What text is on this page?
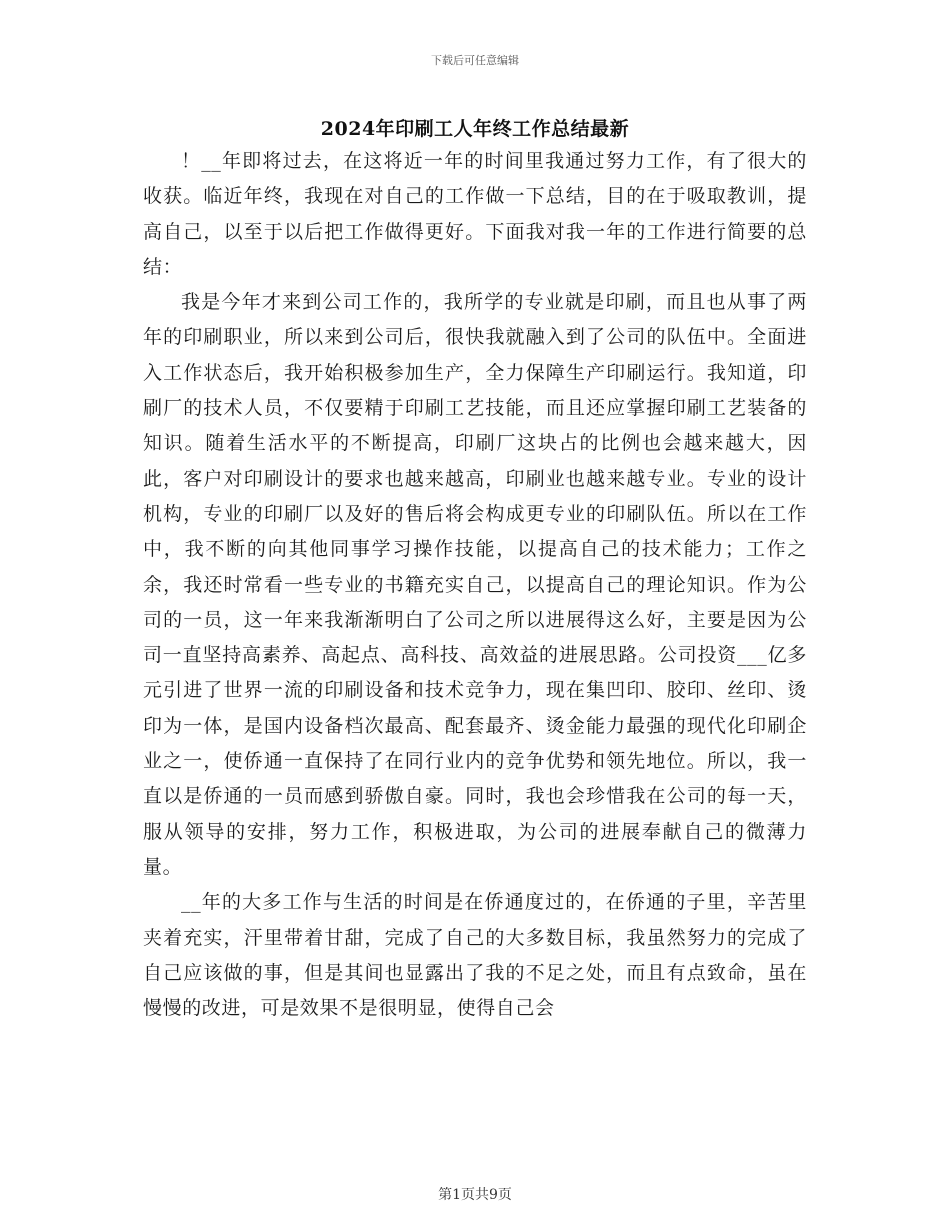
下载后可任意编辑
2024年印刷工人年终工作总结最新

！__年即将过去，在这将近一年的时间里我通过努力工作，有了很大的收获。临近年终，我现在对自己的工作做一下总结，目的在于吸取教训，提高自己，以至于以后把工作做得更好。下面我对我一年的工作进行简要的总结：

我是今年才来到公司工作的，我所学的专业就是印刷，而且也从事了两年的印刷职业，所以来到公司后，很快我就融入到了公司的队伍中。全面进入工作状态后，我开始积极参加生产，全力保障生产印刷运行。我知道，印刷厂的技术人员，不仅要精于印刷工艺技能，而且还应掌握印刷工艺装备的知识。随着生活水平的不断提高，印刷厂这块占的比例也会越来越大，因此，客户对印刷设计的要求也越来越高，印刷业也越来越专业。专业的设计机构，专业的印刷厂以及好的售后将会构成更专业的印刷队伍。所以在工作中，我不断的向其他同事学习操作技能，以提高自己的技术能力；工作之余，我还时常看一些专业的书籍充实自己，以提高自己的理论知识。作为公司的一员，这一年来我渐渐明白了公司之所以进展得这么好，主要是因为公司一直坚持高素养、高起点、高科技、高效益的进展思路。公司投资___亿多元引进了世界一流的印刷设备和技术竞争力，现在集凹印、胶印、丝印、烫印为一体，是国内设备档次最高、配套最齐、烫金能力最强的现代化印刷企业之一，使侨通一直保持了在同行业内的竞争优势和领先地位。所以，我一直以是侨通的一员而感到骄傲自豪。同时，我也会珍惜我在公司的每一天，服从领导的安排，努力工作，积极进取，为公司的进展奉献自己的微薄力量。

__年的大多工作与生活的时间是在侨通度过的，在侨通的子里，辛苦里夹着充实，汗里带着甘甜，完成了自己的大多数目标，我虽然努力的完成了自己应该做的事，但是其间也显露出了我的不足之处，而且有点致命，虽在慢慢的改进，可是效果不是很明显，使得自己会

第1页共9页
